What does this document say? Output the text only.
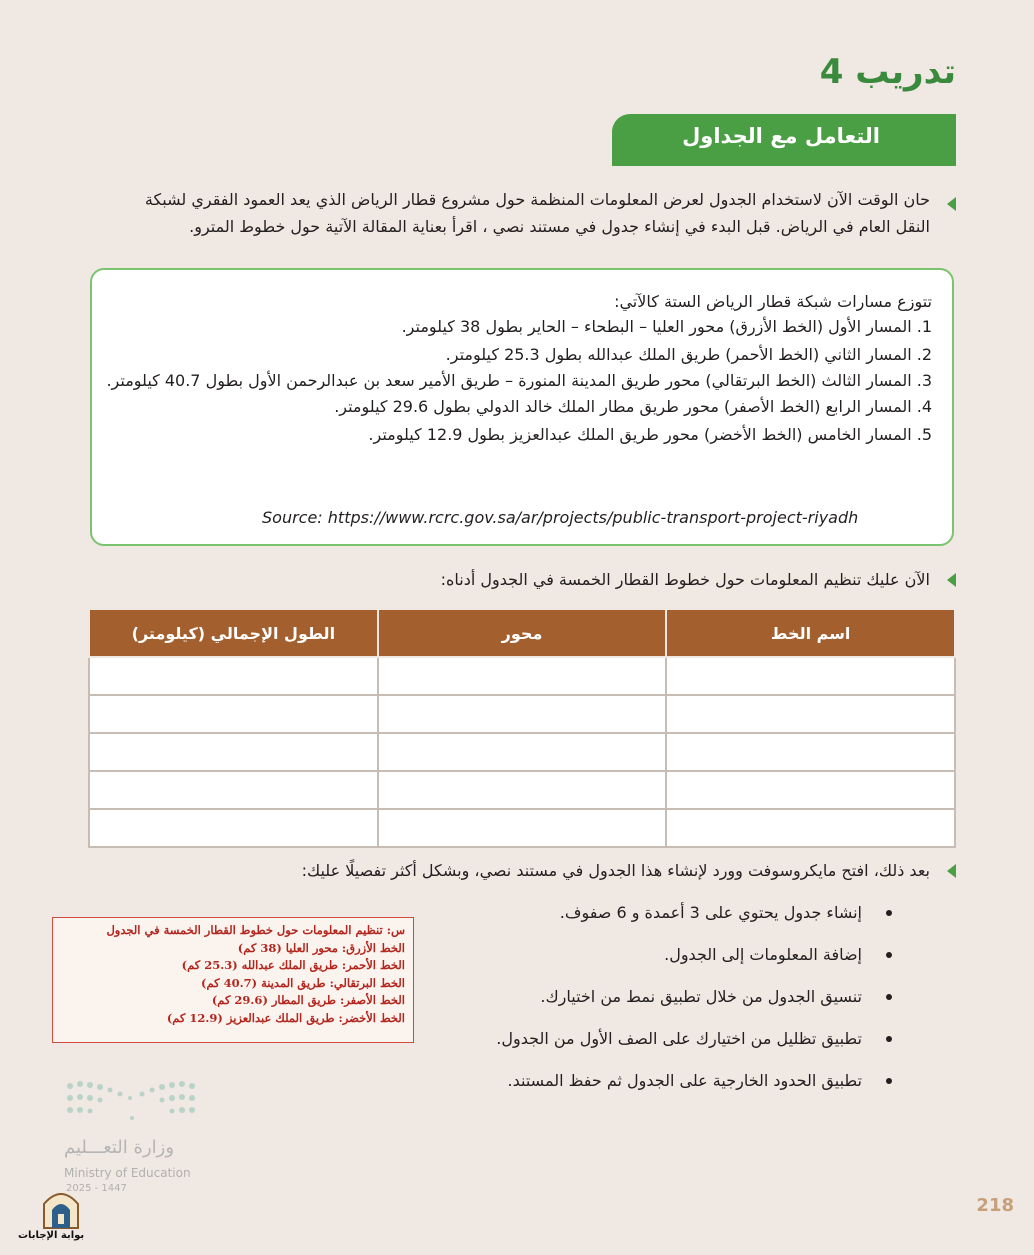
تدريب 4
التعامل مع الجداول
حان الوقت الآن لاستخدام الجدول لعرض المعلومات المنظمة حول مشروع قطار الرياض الذي يعد العمود الفقري لشبكة
النقل العام في الرياض. قبل البدء في إنشاء جدول في مستند نصي ، اقرأ بعناية المقالة الآتية حول خطوط المترو.
تتوزع مسارات شبكة قطار الرياض الستة كالآتي:
1. المسار الأول (الخط الأزرق) محور العليا – البطحاء – الحاير بطول 38 كيلومتر.
2. المسار الثاني (الخط الأحمر) طريق الملك عبدالله بطول 25.3 كيلومتر.
3. المسار الثالث (الخط البرتقالي) محور طريق المدينة المنورة – طريق الأمير سعد بن عبدالرحمن الأول بطول 40.7 كيلومتر.
4. المسار الرابع (الخط الأصفر) محور طريق مطار الملك خالد الدولي بطول 29.6 كيلومتر.
5. المسار الخامس (الخط الأخضر) محور طريق الملك عبدالعزيز بطول 12.9 كيلومتر.
Source: https://www.rcrc.gov.sa/ar/projects/public-transport-project-riyadh
الآن عليك تنظيم المعلومات حول خطوط القطار الخمسة في الجدول أدناه:
اسم الخط	محور	الطول الإجمالي (كيلومتر)

بعد ذلك، افتح مايكروسوفت وورد لإنشاء هذا الجدول في مستند نصي، وبشكل أكثر تفصيلًا عليك:
إنشاء جدول يحتوي على 3 أعمدة و 6 صفوف.
إضافة المعلومات إلى الجدول.
تنسيق الجدول من خلال تطبيق نمط من اختيارك.
تطبيق تظليل من اختيارك على الصف الأول من الجدول.
تطبيق الحدود الخارجية على الجدول ثم حفظ المستند.
س: تنظيم المعلومات حول خطوط القطار الخمسة في الجدول
الخط الأزرق: محور العليا (38 كم)
الخط الأحمر: طريق الملك عبدالله (25.3 كم)
الخط البرتقالي: طريق المدينة (40.7 كم)
الخط الأصفر: طريق المطار (29.6 كم)
الخط الأخضر: طريق الملك عبدالعزيز (12.9 كم)
وزارة التعـــليم
Ministry of Education
2025 - 1447
بوابة الإجابات
218
